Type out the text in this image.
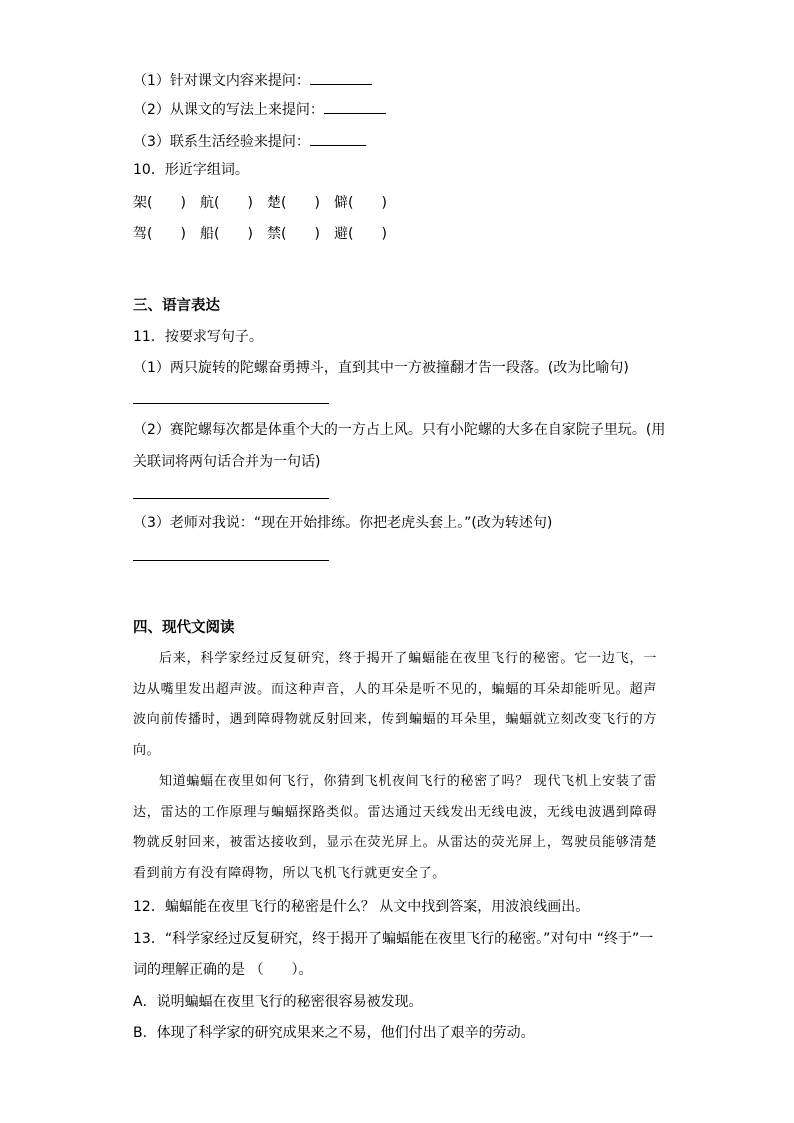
（1）针对课文内容来提问：
（2）从课文的写法上来提问：
（3）联系生活经验来提问：
10．形近字组词。
架(　　)	航(　　)	楚(　　)	僻(　　)
驾(　　)	船(　　)	禁(　　)	避(　　)
三、语言表达
11．按要求写句子。
（1）两只旋转的陀螺奋勇搏斗，直到其中一方被撞翻才告一段落。(改为比喻句)
（2）赛陀螺每次都是体重个大的一方占上风。只有小陀螺的大多在自家院子里玩。(用
关联词将两句话合并为一句话)
（3）老师对我说：“现在开始排练。你把老虎头套上。”(改为转述句)
四、现代文阅读
后来，科学家经过反复研究，终于揭开了蝙蝠能在夜里飞行的秘密。它一边飞，一边从嘴里发出超声波。而这种声音，人的耳朵是听不见的，蝙蝠的耳朵却能听见。超声波向前传播时，遇到障碍物就反射回来，传到蝙蝠的耳朵里，蝙蝠就立刻改变飞行的方向。
知道蝙蝠在夜里如何飞行，你猜到飞机夜间飞行的秘密了吗？ 现代飞机上安装了雷达，雷达的工作原理与蝙蝠探路类似。雷达通过天线发出无线电波，无线电波遇到障碍物就反射回来，被雷达接收到，显示在荧光屏上。从雷达的荧光屏上，驾驶员能够清楚看到前方有没有障碍物，所以飞机飞行就更安全了。
12．蝙蝠能在夜里飞行的秘密是什么？ 从文中找到答案，用波浪线画出。
13．“科学家经过反复研究，终于揭开了蝙蝠能在夜里飞行的秘密。”对句中 “终于”一
词的理解正确的是 （　　）。
A．说明蝙蝠在夜里飞行的秘密很容易被发现。
B．体现了科学家的研究成果来之不易，他们付出了艰辛的劳动。
